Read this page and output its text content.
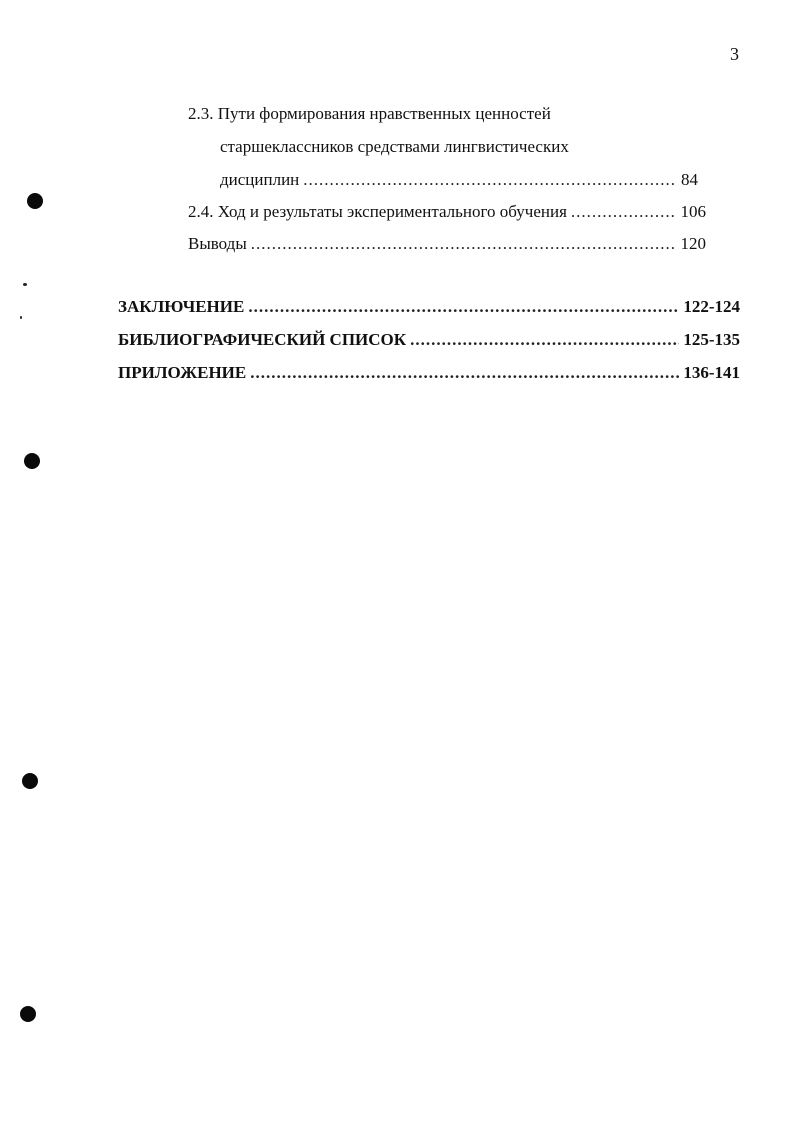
3
2.3. Пути формирования нравственных ценностей
старшеклассников средствами лингвистических
дисциплин .....	84
2.4. Ход и результаты экспериментального обучения .....	106
Выводы .....	120
ЗАКЛЮЧЕНИЕ .....	122-124
БИБЛИОГРАФИЧЕСКИЙ СПИСОК .....	125-135
ПРИЛОЖЕНИЕ .....	136-141
